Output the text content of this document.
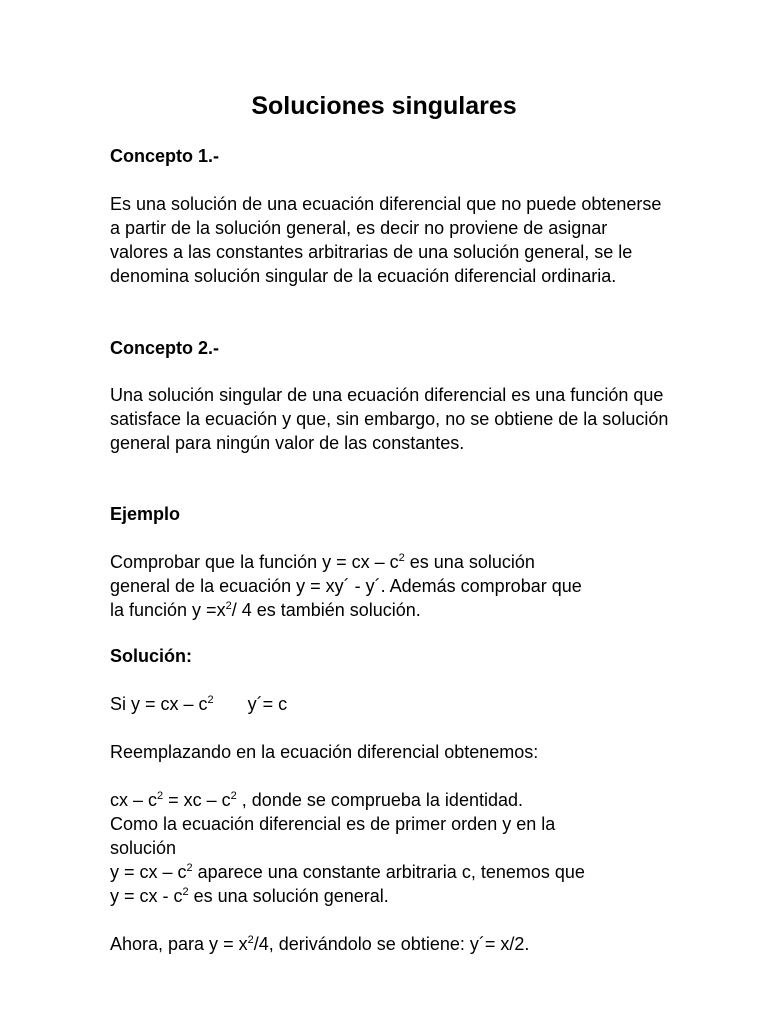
Soluciones singulares

Concepto 1.-

Es una solución de una ecuación diferencial que no puede obtenerse a partir de la solución general, es decir no proviene de asignar valores a las constantes arbitrarias de una solución general, se le denomina solución singular de la ecuación diferencial ordinaria.

Concepto 2.-

Una solución singular de una ecuación diferencial es una función que satisface la ecuación y que, sin embargo, no se obtiene de la solución general para ningún valor de las constantes.

Ejemplo

Comprobar que la función y = cx – $c^2$ es una solución

general de la ecuación y = xy´ - y´. Además comprobar que

la función $y =x^2/$ 4 es también solución.

Solución:

Si y = cx – $c^2$ y´= c

Reemplazando en la ecuación diferencial obtenemos:

cx – $c^2$ = xc – $c^2$ , donde se comprueba la identidad.

Como la ecuación diferencial es de primer orden y en la

solución

y = cx – $c^2$ aparece una constante arbitraria c, tenemos que

y = cx - $c^2$ es una solución general.

Ahora, para $y = x^2/4$, derivándolo se obtiene: y´= x/2.
